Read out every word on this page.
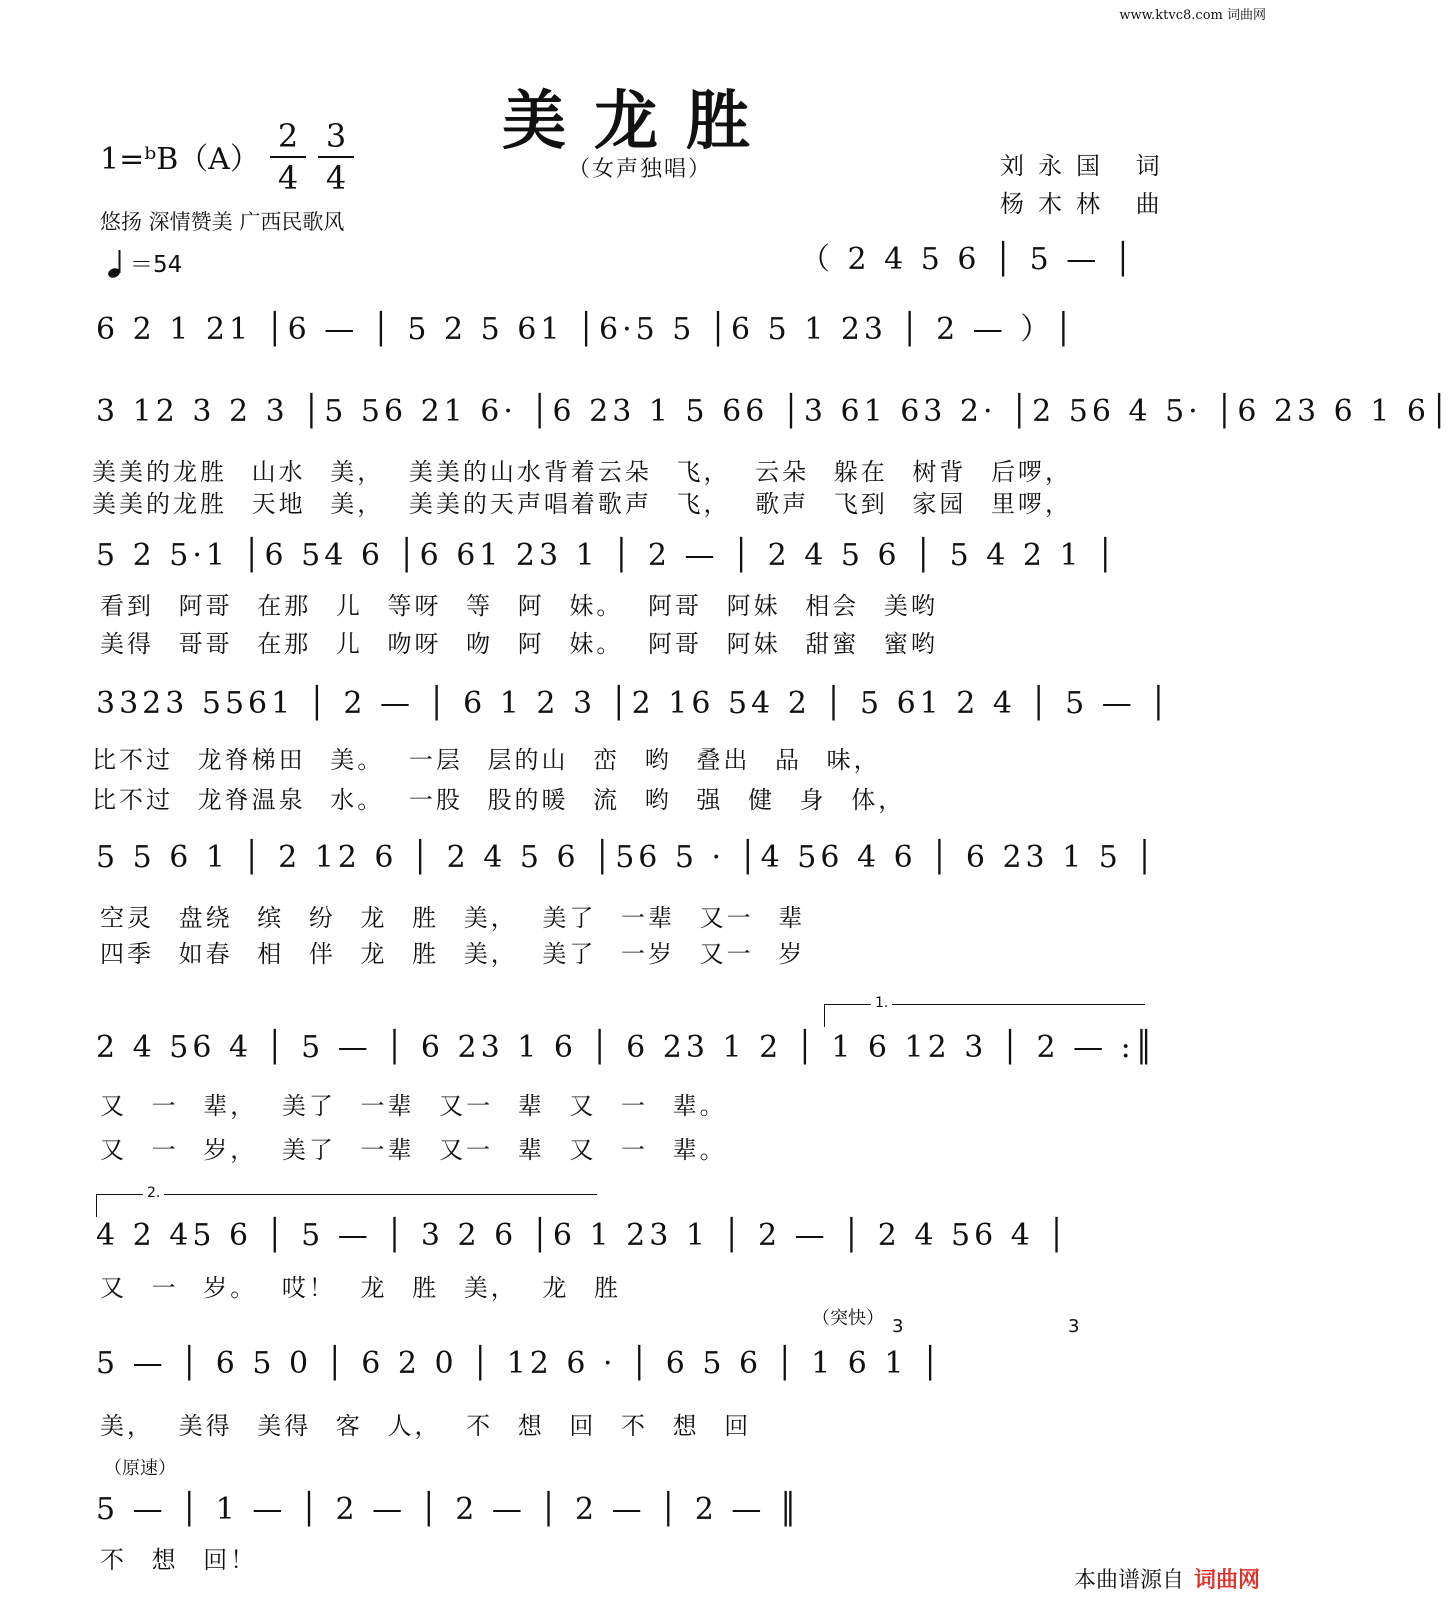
www.ktvc8.com 词曲网
美龙胜
（女声独唱）
1=ᵇB（A）
2
4
3
4	刘永国 词
杨木林 曲
悠扬 深情赞美 广西民歌风
＝54	（ 2 4 5 6 │ 5 — │
6 2 1 21 │6 — │ 5 2 5 61 │6·5 5 │6 5 1 23 │ 2 — ）│
3 12 3 2 3 │5 56 21 6· │6 23 1 5 66 │3 61 63 2· │2 56 4 5· │6 23 6 1 6│
5 2 5·1 │6 54 6 │6 61 23 1 │ 2 — │ 2 4 5 6 │ 5 4 2 1 │
3323 5561 │ 2 — │ 6 1 2 3 │2 16 54 2 │ 5 61 2 4 │ 5 — │
5 5 6 1 │ 2 12 6 │ 2 4 5 6 │56 5 · │4 56 4 6 │ 6 23 1 5 │
2 4 56 4 │ 5 — │ 6 23 1 6 │ 6 23 1 2 │ 1 6 12 3 │ 2 — :║
4 2 45 6 │ 5 — │ 3 2 6 │6 1 23 1 │ 2 — │ 2 4 56 4 │
5 — │ 6 5 0 │ 6 2 0 │ 12 6 · │ 6 5 6 │ 1 6 1 │
5 — │ 1 — │ 2 — │ 2 — │ 2 — │ 2 — ║
1.
2.
（突快） 3	3
（原速）
美美的龙胜 山水 美， 美美的山水背着云朵 飞， 云朵 躲在 树背 后啰，
美美的龙胜 天地 美， 美美的天声唱着歌声 飞， 歌声 飞到 家园 里啰，
看到 阿哥 在那 儿 等呀 等 阿 妹。 阿哥 阿妹 相会 美哟
美得 哥哥 在那 儿 吻呀 吻 阿 妹。 阿哥 阿妹 甜蜜 蜜哟
比不过 龙脊梯田 美。 一层 层的山 峦 哟 叠出 品 味，
比不过 龙脊温泉 水。 一股 股的暖 流 哟 强 健 身 体，
空灵 盘绕 缤 纷 龙 胜 美， 美了 一辈 又一 辈
四季 如春 相 伴 龙 胜 美， 美了 一岁 又一 岁
又 一 辈， 美了 一辈 又一 辈 又 一 辈。
又 一 岁， 美了 一辈 又一 辈 又 一 辈。
又 一 岁。 哎！ 龙 胜 美， 龙 胜
美， 美得 美得 客 人， 不 想 回 不 想 回
不 想 回！
本曲谱源自 词曲网
